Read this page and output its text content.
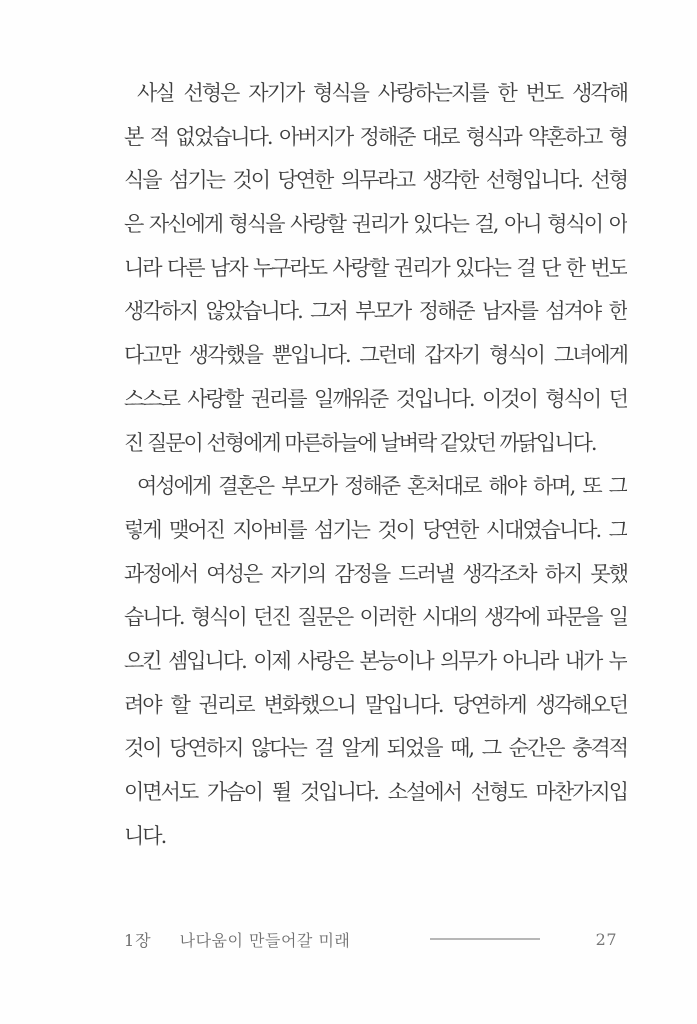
사실 선형은 자기가 형식을 사랑하는지를 한 번도 생각해
본 적 없었습니다. 아버지가 정해준 대로 형식과 약혼하고 형
식을 섬기는 것이 당연한 의무라고 생각한 선형입니다. 선형
은 자신에게 형식을 사랑할 권리가 있다는 걸, 아니 형식이 아
니라 다른 남자 누구라도 사랑할 권리가 있다는 걸 단 한 번도
생각하지 않았습니다. 그저 부모가 정해준 남자를 섬겨야 한
다고만 생각했을 뿐입니다. 그런데 갑자기 형식이 그녀에게
스스로 사랑할 권리를 일깨워준 것입니다. 이것이 형식이 던
진 질문이 선형에게 마른하늘에 날벼락 같았던 까닭입니다.
여성에게 결혼은 부모가 정해준 혼처대로 해야 하며, 또 그
렇게 맺어진 지아비를 섬기는 것이 당연한 시대였습니다. 그
과정에서 여성은 자기의 감정을 드러낼 생각조차 하지 못했
습니다. 형식이 던진 질문은 이러한 시대의 생각에 파문을 일
으킨 셈입니다. 이제 사랑은 본능이나 의무가 아니라 내가 누
려야 할 권리로 변화했으니 말입니다. 당연하게 생각해오던
것이 당연하지 않다는 걸 알게 되었을 때, 그 순간은 충격적
이면서도 가슴이 뛸 것입니다. 소설에서 선형도 마찬가지입
니다.
1장 나다움이 만들어갈 미래	27
